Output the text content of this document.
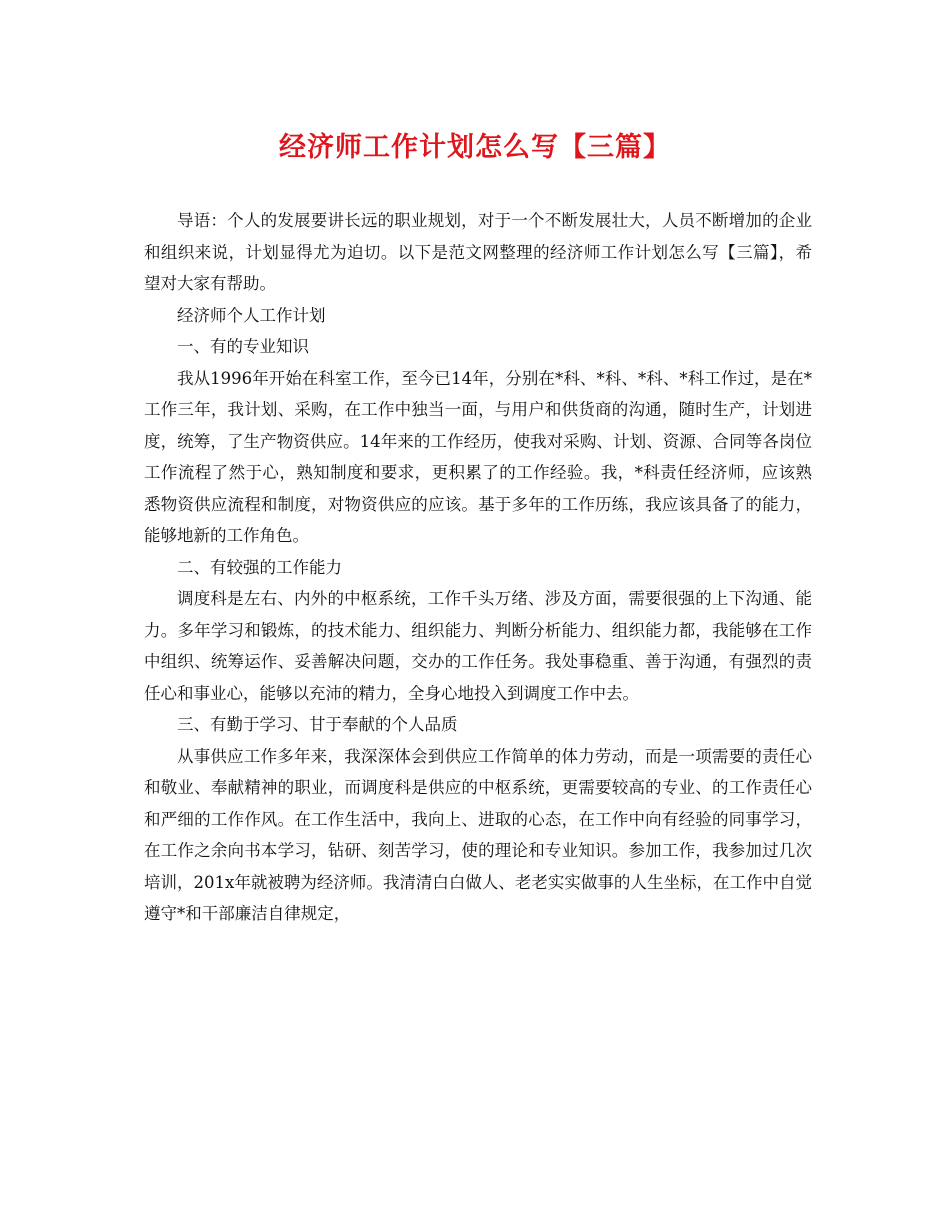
经济师工作计划怎么写【三篇】

导语：个人的发展要讲长远的职业规划，对于一个不断发展壮大，人员不断增加的企业和组织来说，计划显得尤为迫切。以下是范文网整理的经济师工作计划怎么写【三篇】，希望对大家有帮助。

经济师个人工作计划

一、有的专业知识

我从1996年开始在科室工作，至今已14年，分别在*科、*科、*科、*科工作过，是在*工作三年，我计划、采购，在工作中独当一面，与用户和供货商的沟通，随时生产，计划进度，统筹，了生产物资供应。14年来的工作经历，使我对采购、计划、资源、合同等各岗位工作流程了然于心，熟知制度和要求，更积累了的工作经验。我，*科责任经济师，应该熟悉物资供应流程和制度，对物资供应的应该。基于多年的工作历练，我应该具备了的能力，能够地新的工作角色。

二、有较强的工作能力

调度科是左右、内外的中枢系统，工作千头万绪、涉及方面，需要很强的上下沟通、能力。多年学习和锻炼，的技术能力、组织能力、判断分析能力、组织能力都，我能够在工作中组织、统筹运作、妥善解决问题，交办的工作任务。我处事稳重、善于沟通，有强烈的责任心和事业心，能够以充沛的精力，全身心地投入到调度工作中去。

三、有勤于学习、甘于奉献的个人品质

从事供应工作多年来，我深深体会到供应工作简单的体力劳动，而是一项需要的责任心和敬业、奉献精神的职业，而调度科是供应的中枢系统，更需要较高的专业、的工作责任心和严细的工作作风。在工作生活中，我向上、进取的心态，在工作中向有经验的同事学习，在工作之余向书本学习，钻研、刻苦学习，使的理论和专业知识。参加工作，我参加过几次培训，201x年就被聘为经济师。我清清白白做人、老老实实做事的人生坐标，在工作中自觉遵守*和干部廉洁自律规定，
